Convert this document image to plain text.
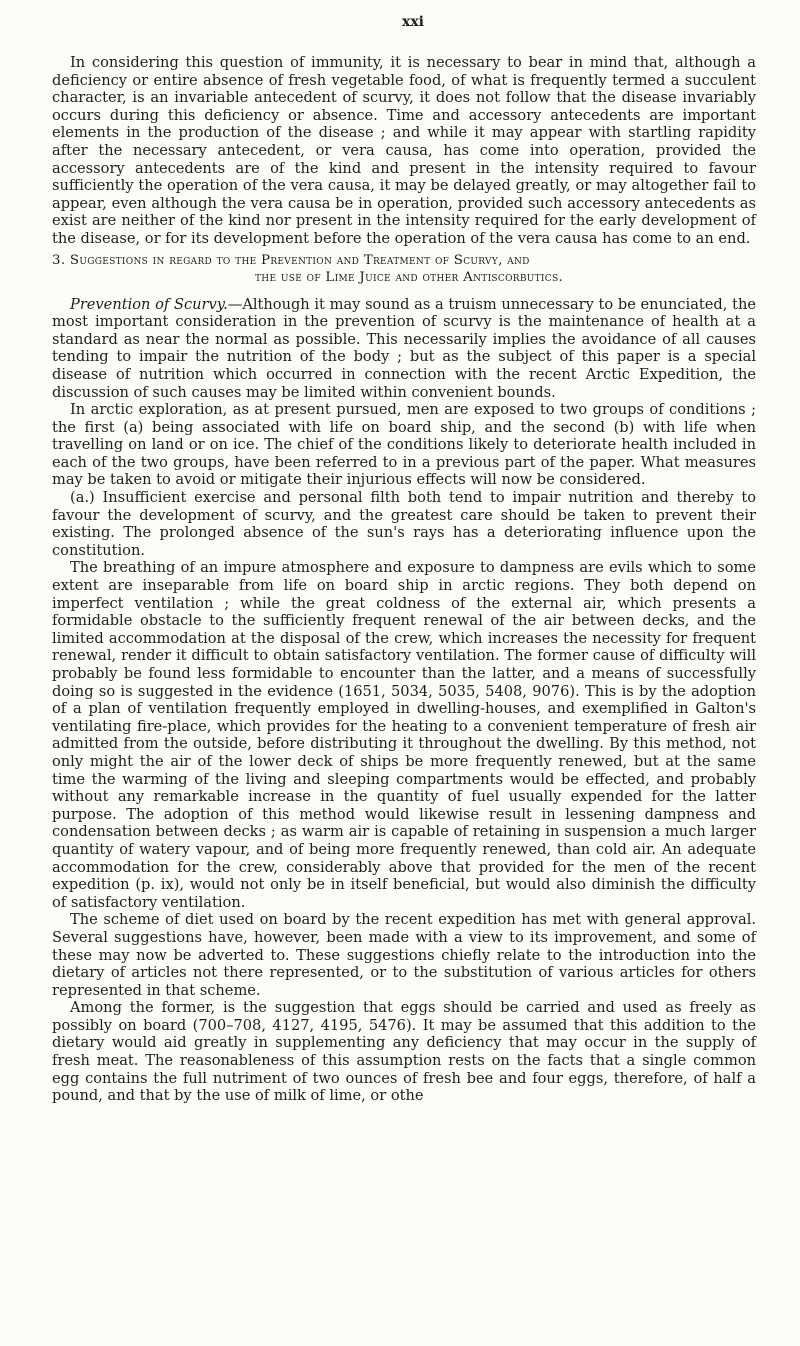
xxi

In considering this question of immunity, it is necessary to bear in mind that, although a deficiency or entire absence of fresh vegetable food, of what is frequently termed a succulent character, is an invariable antecedent of scurvy, it does not follow that the disease invariably occurs during this deficiency or absence. Time and accessory antecedents are important elements in the production of the disease ; and while it may appear with startling rapidity after the necessary antecedent, or vera causa, has come into operation, provided the accessory antecedents are of the kind and present in the intensity required to favour sufficiently the operation of the vera causa, it may be delayed greatly, or may altogether fail to appear, even although the vera causa be in operation, provided such accessory antecedents as exist are neither of the kind nor present in the intensity required for the early development of the disease, or for its development before the operation of the vera causa has come to an end.

3. Suggestions in regard to the Prevention and Treatment of Scurvy, and
the use of Lime Juice and other Antiscorbutics.

Prevention of Scurvy.—Although it may sound as a truism unnecessary to be enunciated, the most important consideration in the prevention of scurvy is the maintenance of health at a standard as near the normal as possible. This necessarily implies the avoidance of all causes tending to impair the nutrition of the body ; but as the subject of this paper is a special disease of nutrition which occurred in connection with the recent Arctic Expedition, the discussion of such causes may be limited within convenient bounds.

In arctic exploration, as at present pursued, men are exposed to two groups of conditions ; the first (a) being associated with life on board ship, and the second (b) with life when travelling on land or on ice. The chief of the conditions likely to deteriorate health included in each of the two groups, have been referred to in a previous part of the paper. What measures may be taken to avoid or mitigate their injurious effects will now be considered.

(a.) Insufficient exercise and personal filth both tend to impair nutrition and thereby to favour the development of scurvy, and the greatest care should be taken to prevent their existing. The prolonged absence of the sun's rays has a deteriorating influence upon the constitution.

The breathing of an impure atmosphere and exposure to dampness are evils which to some extent are inseparable from life on board ship in arctic regions. They both depend on imperfect ventilation ; while the great coldness of the external air, which presents a formidable obstacle to the sufficiently frequent renewal of the air between decks, and the limited accommodation at the disposal of the crew, which increases the necessity for frequent renewal, render it difficult to obtain satisfactory ventilation. The former cause of difficulty will probably be found less formidable to encounter than the latter, and a means of successfully doing so is suggested in the evidence (1651, 5034, 5035, 5408, 9076). This is by the adoption of a plan of ventilation frequently employed in dwelling-houses, and exemplified in Galton's ventilating fire-place, which provides for the heating to a convenient temperature of fresh air admitted from the outside, before distributing it throughout the dwelling. By this method, not only might the air of the lower deck of ships be more frequently renewed, but at the same time the warming of the living and sleeping compartments would be effected, and probably without any remarkable increase in the quantity of fuel usually expended for the latter purpose. The adoption of this method would likewise result in lessening dampness and condensation between decks ; as warm air is capable of retaining in suspension a much larger quantity of watery vapour, and of being more frequently renewed, than cold air. An adequate accommodation for the crew, considerably above that provided for the men of the recent expedition (p. ix), would not only be in itself beneficial, but would also diminish the difficulty of satisfactory ventilation.

The scheme of diet used on board by the recent expedition has met with general approval. Several suggestions have, however, been made with a view to its improvement, and some of these may now be adverted to. These suggestions chiefly relate to the introduction into the dietary of articles not there represented, or to the substitution of various articles for others represented in that scheme.

Among the former, is the suggestion that eggs should be carried and used as freely as possibly on board (700–708, 4127, 4195, 5476). It may be assumed that this addition to the dietary would aid greatly in supplementing any deficiency that may occur in the supply of fresh meat. The reasonableness of this assumption rests on the facts that a single common egg contains the full nutriment of two ounces of fresh bee and four eggs, therefore, of half a pound, and that by the use of milk of lime, or othe
